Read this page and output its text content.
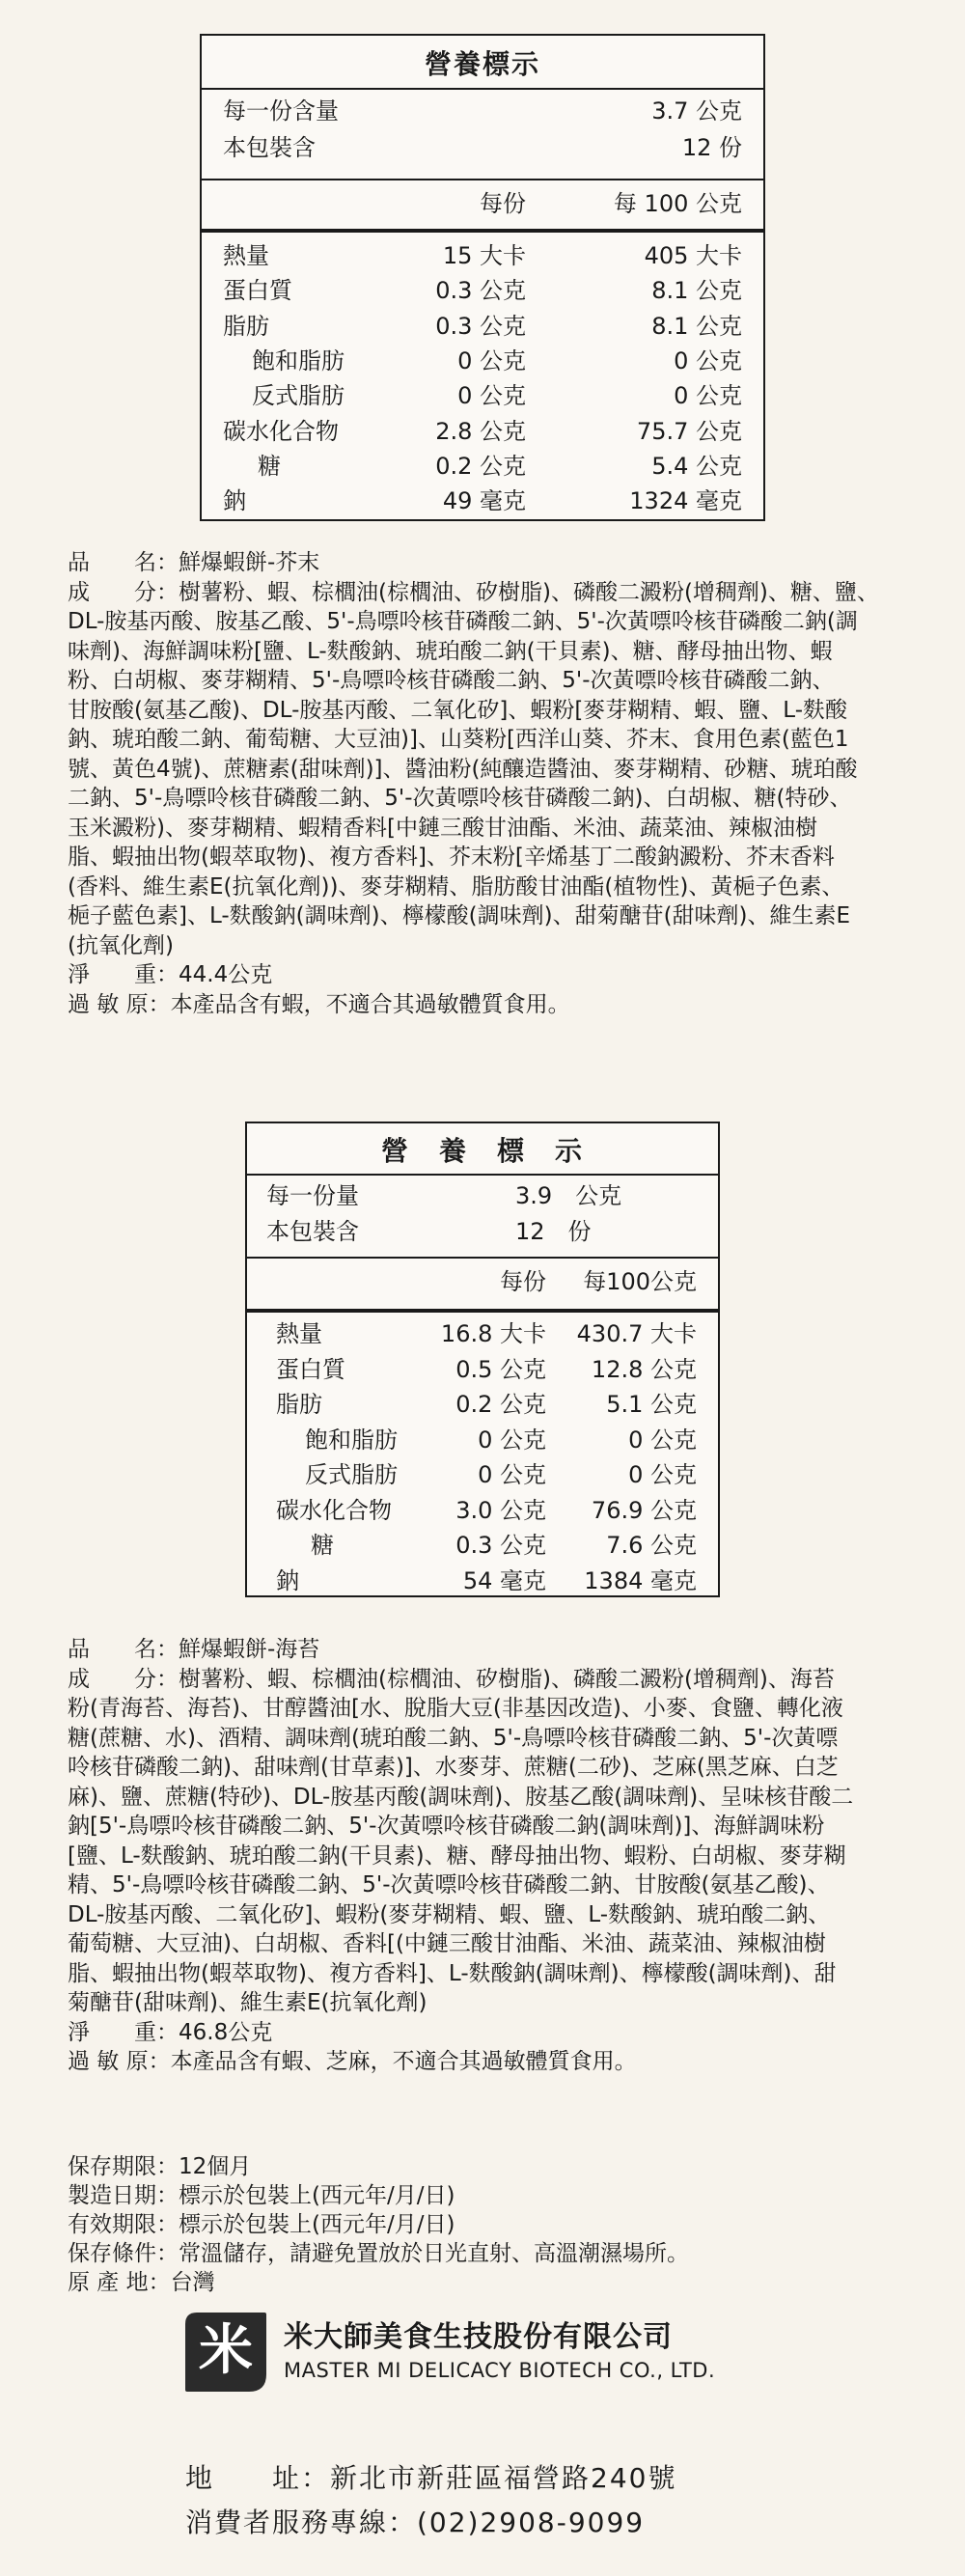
營養標示
每一份含量	3.7 公克
本包裝含	12 份
每份	每 100 公克
熱量	15 大卡	405 大卡
蛋白質	0.3 公克	8.1 公克
脂肪	0.3 公克	8.1 公克
飽和脂肪	0 公克	0 公克
反式脂肪	0 公克	0 公克
碳水化合物	2.8 公克	75.7 公克
糖	0.2 公克	5.4 公克
鈉	49 毫克	1324 毫克

品　　名：鮮爆蝦餅-芥末

成　　分：樹薯粉、蝦、棕櫚油(棕櫚油、矽樹脂)、磷酸二澱粉(增稠劑)、糖、鹽、

DL-胺基丙酸、胺基乙酸、5'-鳥嘌呤核苷磷酸二鈉、5'-次黃嘌呤核苷磷酸二鈉(調

味劑)、海鮮調味粉[鹽、L-麩酸鈉、琥珀酸二鈉(干貝素)、糖、酵母抽出物、蝦

粉、白胡椒、麥芽糊精、5'-鳥嘌呤核苷磷酸二鈉、5'-次黃嘌呤核苷磷酸二鈉、

甘胺酸(氨基乙酸)、DL-胺基丙酸、二氧化矽]、蝦粉[麥芽糊精、蝦、鹽、L-麩酸

鈉、琥珀酸二鈉、葡萄糖、大豆油)]、山葵粉[西洋山葵、芥末、食用色素(藍色1

號、黃色4號)、蔗糖素(甜味劑)]、醬油粉(純釀造醬油、麥芽糊精、砂糖、琥珀酸

二鈉、5'-鳥嘌呤核苷磷酸二鈉、5'-次黃嘌呤核苷磷酸二鈉)、白胡椒、糖(特砂、

玉米澱粉)、麥芽糊精、蝦精香料[中鏈三酸甘油酯、米油、蔬菜油、辣椒油樹

脂、蝦抽出物(蝦萃取物)、複方香料]、芥末粉[辛烯基丁二酸鈉澱粉、芥末香料

(香料、維生素E(抗氧化劑))、麥芽糊精、脂肪酸甘油酯(植物性)、黃梔子色素、

梔子藍色素]、L-麩酸鈉(調味劑)、檸檬酸(調味劑)、甜菊醣苷(甜味劑)、維生素E

(抗氧化劑)

淨　　重：44.4公克

過 敏 原：本產品含有蝦，不適合其過敏體質食用。

營　養　標　示
每一份量	3.9　公克
本包裝含	12　份
每份 每100公克
熱量	16.8 大卡 430.7 大卡
蛋白質	0.5 公克 12.8 公克
脂肪	0.2 公克	5.1 公克
飽和脂肪	0 公克	0 公克
反式脂肪	0 公克	0 公克
碳水化合物	3.0 公克 76.9 公克
糖	0.3 公克	7.6 公克
鈉	54 毫克 1384 毫克

品　　名：鮮爆蝦餅-海苔

成　　分：樹薯粉、蝦、棕櫚油(棕櫚油、矽樹脂)、磷酸二澱粉(增稠劑)、海苔

粉(青海苔、海苔)、甘醇醬油[水、脫脂大豆(非基因改造)、小麥、食鹽、轉化液

糖(蔗糖、水)、酒精、調味劑(琥珀酸二鈉、5'-鳥嘌呤核苷磷酸二鈉、5'-次黃嘌

呤核苷磷酸二鈉)、甜味劑(甘草素)]、水麥芽、蔗糖(二砂)、芝麻(黑芝麻、白芝

麻)、鹽、蔗糖(特砂)、DL-胺基丙酸(調味劑)、胺基乙酸(調味劑)、呈味核苷酸二

鈉[5'-鳥嘌呤核苷磷酸二鈉、5'-次黃嘌呤核苷磷酸二鈉(調味劑)]、海鮮調味粉

[鹽、L-麩酸鈉、琥珀酸二鈉(干貝素)、糖、酵母抽出物、蝦粉、白胡椒、麥芽糊

精、5'-鳥嘌呤核苷磷酸二鈉、5'-次黃嘌呤核苷磷酸二鈉、甘胺酸(氨基乙酸)、

DL-胺基丙酸、二氧化矽]、蝦粉(麥芽糊精、蝦、鹽、L-麩酸鈉、琥珀酸二鈉、

葡萄糖、大豆油)、白胡椒、香料[(中鏈三酸甘油酯、米油、蔬菜油、辣椒油樹

脂、蝦抽出物(蝦萃取物)、複方香料]、L-麩酸鈉(調味劑)、檸檬酸(調味劑)、甜

菊醣苷(甜味劑)、維生素E(抗氧化劑)

淨　　重：46.8公克

過 敏 原：本產品含有蝦、芝麻，不適合其過敏體質食用。

保存期限：12個月

製造日期：標示於包裝上(西元年/月/日)

有效期限：標示於包裝上(西元年/月/日)

保存條件：常溫儲存，請避免置放於日光直射、高溫潮濕場所。

原 產 地：台灣

米	米大師美食生技股份有限公司
MASTER MI DELICACY BIOTECH CO., LTD.
地　　址：新北市新莊區福營路240號
消費者服務專線：(02)2908-9099
